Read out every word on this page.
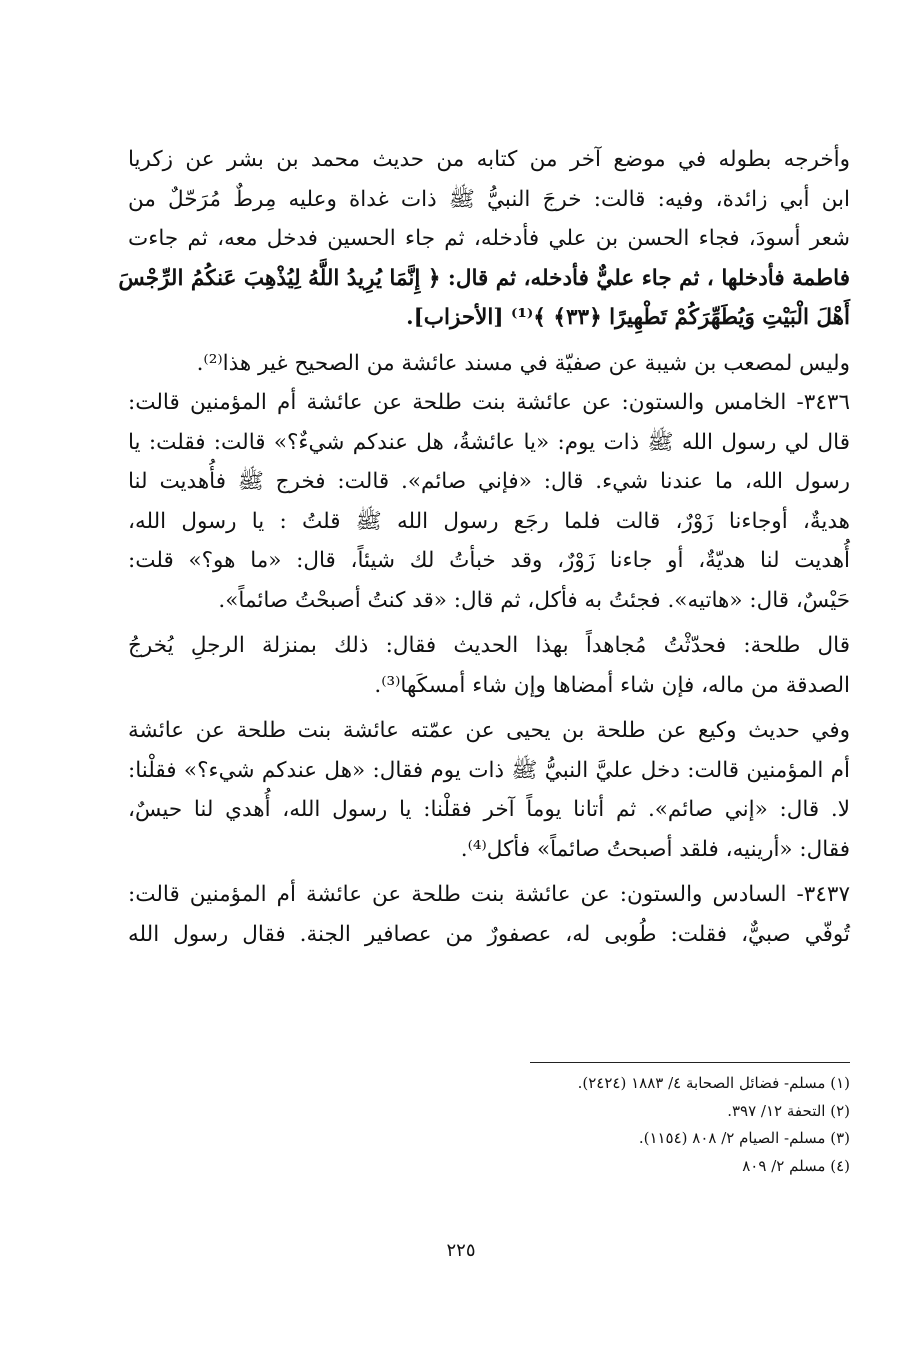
وأخرجه بطوله في موضع آخر من كتابه من حديث محمد بن بشر عن زكريا
ابن أبي زائدة، وفيه: قالت: خرجَ النبيُّ ﷺ ذات غداة وعليه مِرطٌ مُرَحّلٌ من
شعر أسودَ، فجاء الحسن بن علي فأدخله، ثم جاء الحسين فدخل معه، ثم جاءت
فاطمة فأدخلها ، ثم جاء عليٌّ فأدخله، ثم قال: ﴿ إِنَّمَا يُرِيدُ اللَّهُ لِيُذْهِبَ عَنكُمُ الرِّجْسَ
أَهْلَ الْبَيْتِ وَيُطَهِّرَكُمْ تَطْهِيرًا ﴿٣٣﴾ ﴾⁽¹⁾ [الأحزاب].
وليس لمصعب بن شيبة عن صفيّة في مسند عائشة من الصحيح غير هذا⁽²⁾.
٣٤٣٦- الخامس والستون: عن عائشة بنت طلحة عن عائشة أم المؤمنين قالت:
قال لي رسول الله ﷺ ذات يوم: «يا عائشةُ، هل عندكم شيءٌ؟» قالت: فقلت: يا
رسول الله، ما عندنا شيء. قال: «فإني صائم». قالت: فخرج ﷺ فأُهديت لنا
هديةٌ، أوجاءنا زَوْرٌ، قالت فلما رجَع رسول الله ﷺ قلتُ : يا رسول الله،
أُهديت لنا هديّةٌ، أو جاءنا زَوْرٌ، وقد خبأتُ لك شيئاً، قال: «ما هو؟» قلت:
حَيْسٌ، قال: «هاتيه». فجئتُ به فأكل، ثم قال: «قد كنتُ أصبحْتُ صائماً».
قال طلحة: فحدّثْتُ مُجاهداً بهذا الحديث فقال: ذلك بمنزلة الرجلِ يُخرجُ
الصدقة من ماله، فإن شاء أمضاها وإن شاء أمسكَها⁽³⁾.
وفي حديث وكيع عن طلحة بن يحيى عن عمّته عائشة بنت طلحة عن عائشة
أم المؤمنين قالت: دخل عليَّ النبيُّ ﷺ ذات يوم فقال: «هل عندكم شيء؟» فقلْنا:
لا. قال: «إني صائم». ثم أتانا يوماً آخر فقلْنا: يا رسول الله، أُهدي لنا حيسٌ،
فقال: «أرينيه، فلقد أصبحتُ صائماً» فأكل⁽⁴⁾.
٣٤٣٧- السادس والستون: عن عائشة بنت طلحة عن عائشة أم المؤمنين قالت:
تُوفّي صبيٌّ، فقلت: طُوبى له، عصفورٌ من عصافير الجنة. فقال رسول الله
(١) مسلم- فضائل الصحابة ٤/ ١٨٨٣ (٢٤٢٤).
(٢) التحفة ١٢/ ٣٩٧.
(٣) مسلم- الصيام ٢/ ٨٠٨ (١١٥٤).
(٤) مسلم ٢/ ٨٠٩
٢٢٥
